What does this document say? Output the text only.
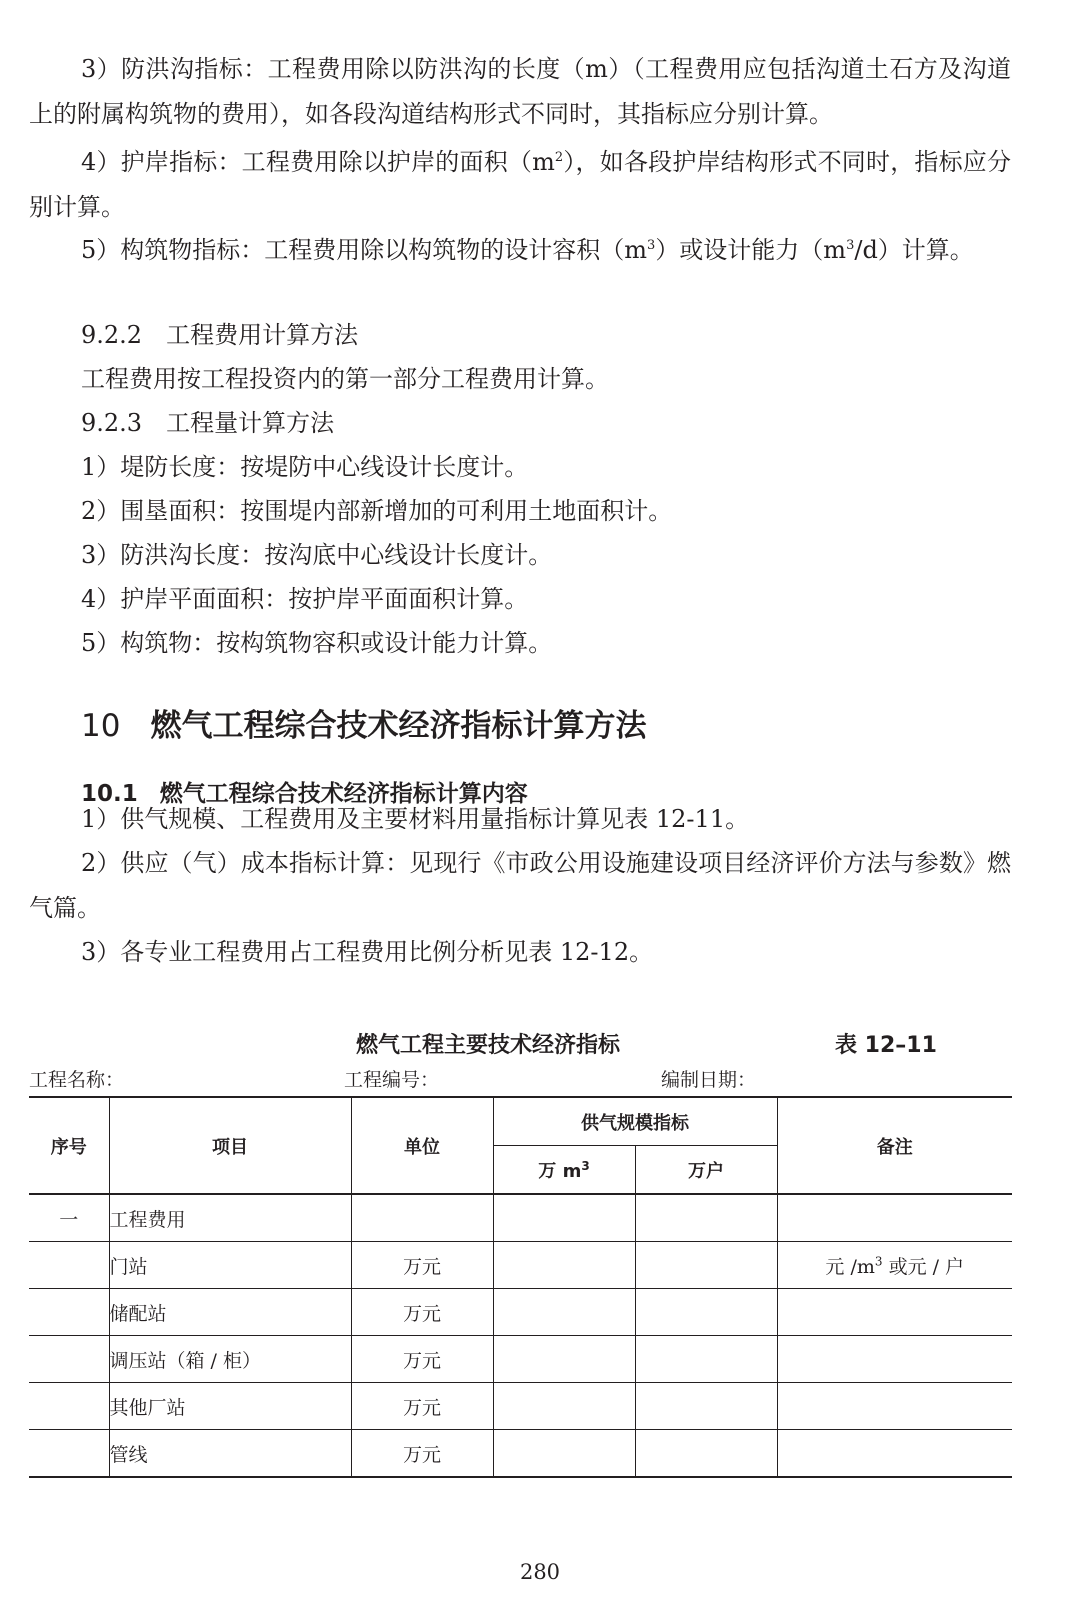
3）防洪沟指标：工程费用除以防洪沟的长度（m）（工程费用应包括沟道土石方及沟道上的附属构筑物的费用），如各段沟道结构形式不同时，其指标应分别计算。

4）护岸指标：工程费用除以护岸的面积$(m^2)$，如各段护岸结构形式不同时，指标应分别计算。

5）构筑物指标：工程费用除以构筑物的设计容积$(m^3)$或设计能力$(m^3/d)$计算。

9.2.2　工程费用计算方法

工程费用按工程投资内的第一部分工程费用计算。

9.2.3　工程量计算方法

1）堤防长度：按堤防中心线设计长度计。

2）围垦面积：按围堤内部新增加的可利用土地面积计。

3）防洪沟长度：按沟底中心线设计长度计。

4）护岸平面面积：按护岸平面面积计算。

5）构筑物：按构筑物容积或设计能力计算。

10 燃气工程综合技术经济指标计算方法
10.1 燃气工程综合技术经济指标计算内容

1）供气规模、工程费用及主要材料用量指标计算见表 12-11。

2）供应（气）成本指标计算：见现行《市政公用设施建设项目经济评价方法与参数》燃气篇。

3）各专业工程费用占工程费用比例分析见表 12-12。

燃气工程主要技术经济指标	表 12–11
工程名称：	工程编号：	编制日期：
序号	项目	单位	供气规模指标		备注
			万 $m^3$	万户	
一	工程费用				
	门站	万元			元 $/m^3$ 或元 / 户
	储配站	万元			
	调压站（箱 / 柜）	万元			
	其他厂站	万元			
	管线	万元			
280
